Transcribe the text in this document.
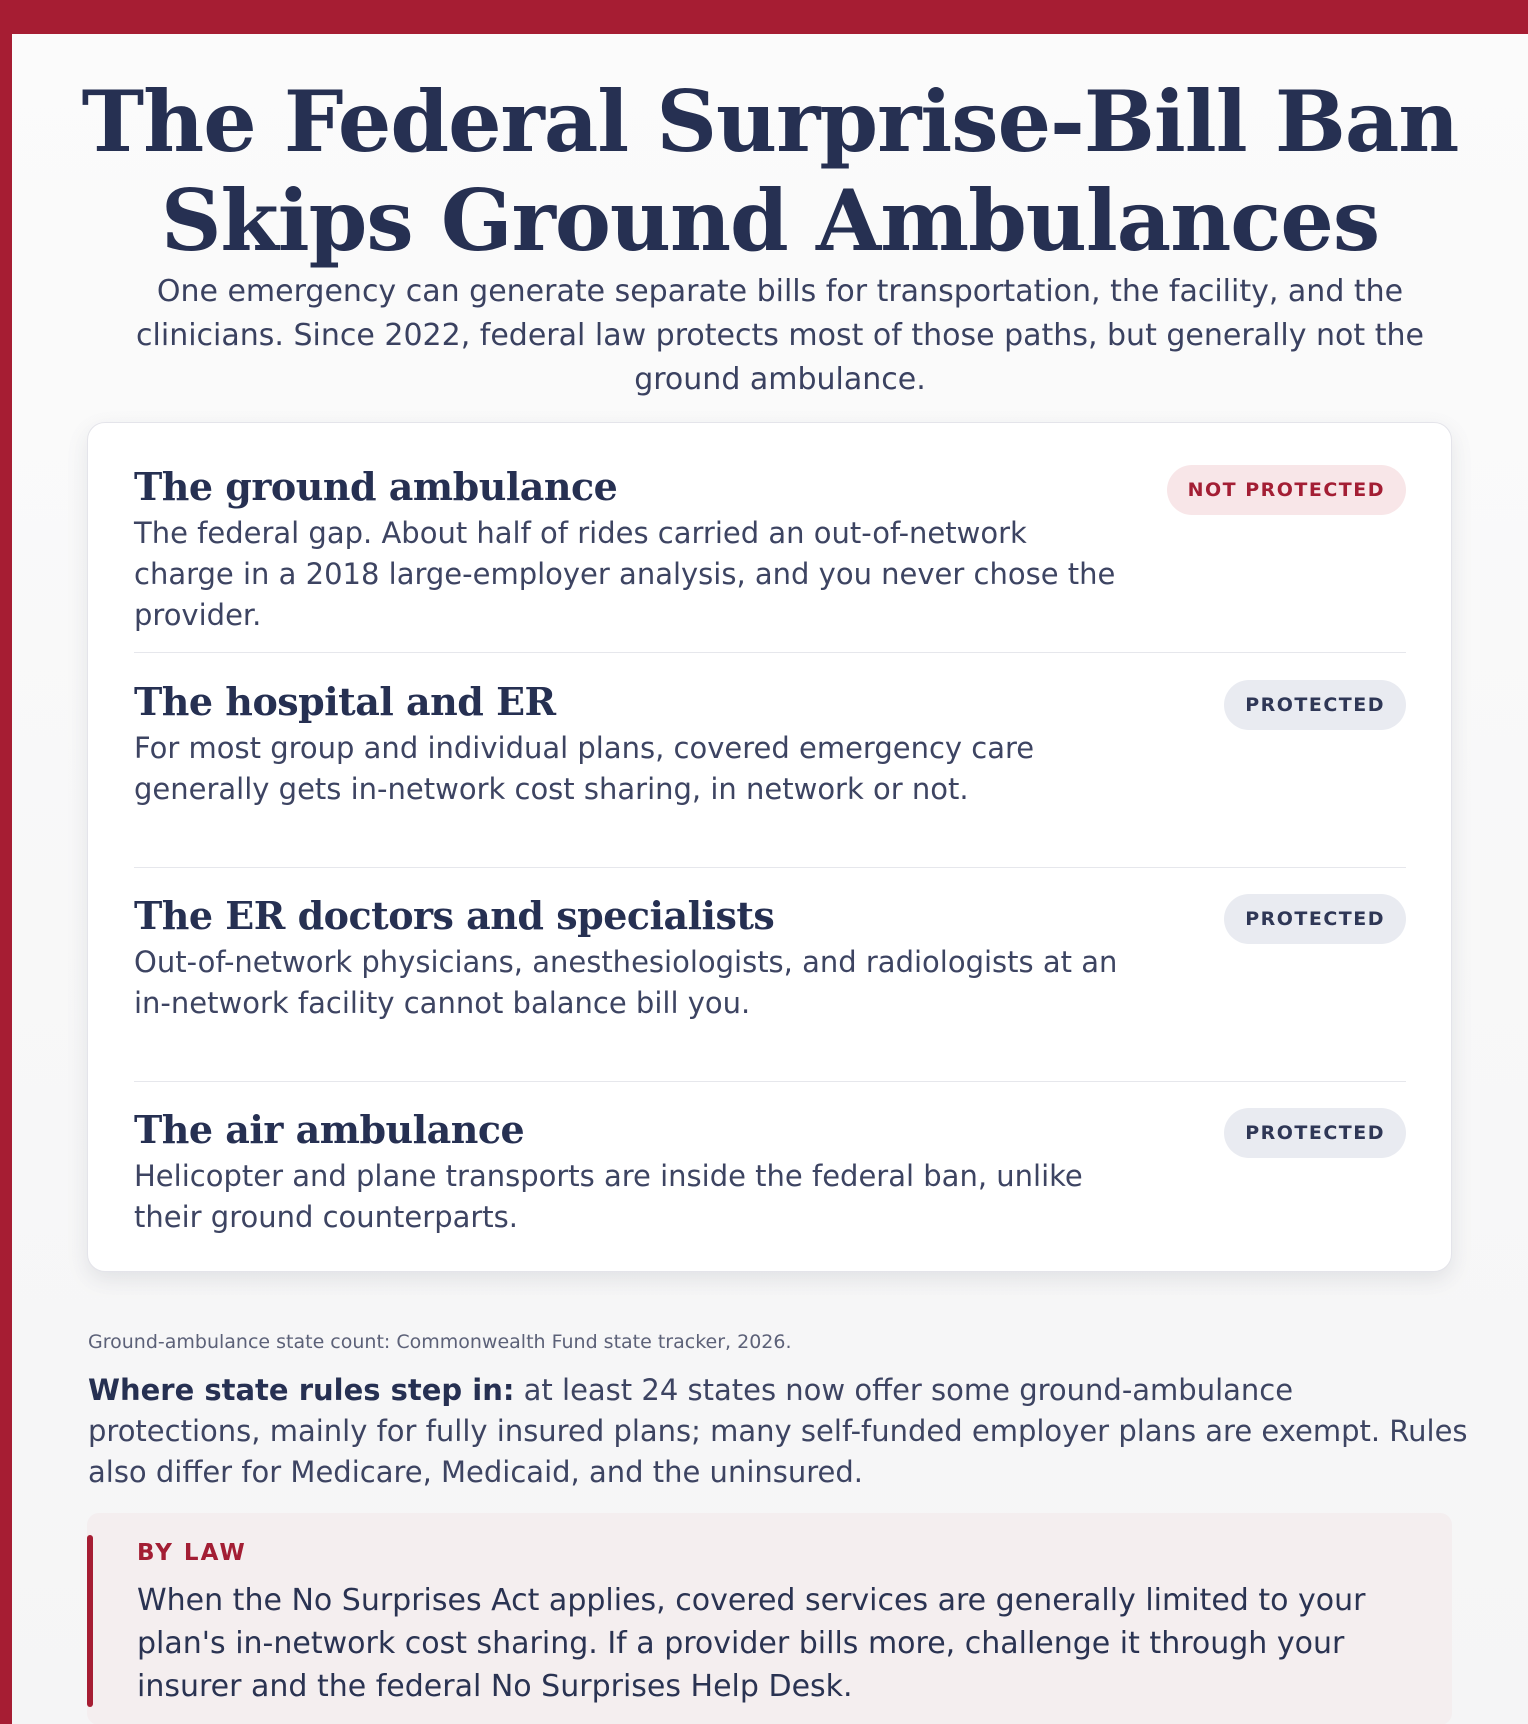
The Federal Surprise-Bill Ban
Skips Ground Ambulances

One emergency can generate separate bills for transportation, the facility, and the clinicians. Since 2022, federal law protects most of those paths, but generally not the ground ambulance.

The ground ambulance
The federal gap. About half of rides carried an out-of-network charge in a 2018 large-employer analysis, and you never chose the provider.
NOT PROTECTED
The hospital and ER
For most group and individual plans, covered emergency care generally gets in-network cost sharing, in network or not.
PROTECTED
The ER doctors and specialists
Out-of-network physicians, anesthesiologists, and radiologists at an in-network facility cannot balance bill you.
PROTECTED
The air ambulance
Helicopter and plane transports are inside the federal ban, unlike their ground counterparts.
PROTECTED

Ground-ambulance state count: Commonwealth Fund state tracker, 2026.

Where state rules step in: at least 24 states now offer some ground-ambulance protections, mainly for fully insured plans; many self-funded employer plans are exempt. Rules also differ for Medicare, Medicaid, and the uninsured.

BY LAW
When the No Surprises Act applies, covered services are generally limited to your plan's in-network cost sharing. If a provider bills more, challenge it through your insurer and the federal No Surprises Help Desk.
